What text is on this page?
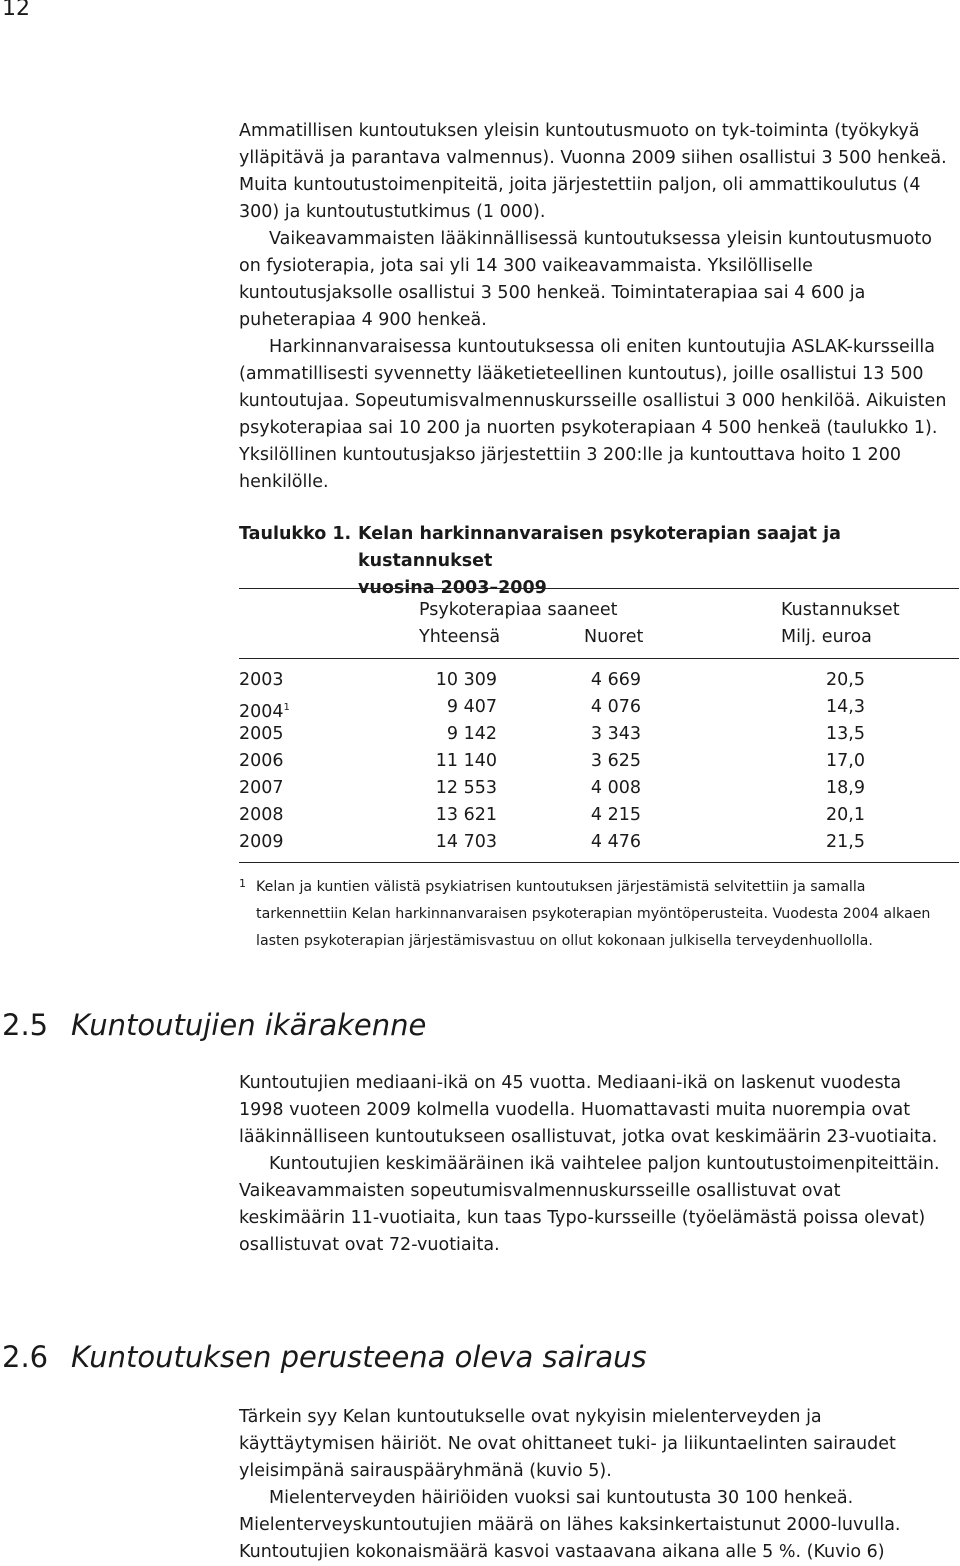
12

Ammatillisen kuntoutuksen yleisin kuntoutusmuoto on tyk-toiminta (työkykyä ylläpitävä ja parantava valmennus). Vuonna 2009 siihen osallistui 3 500 henkeä. Muita kuntoutustoimenpiteitä, joita järjestettiin paljon, oli ammattikoulutus (4 300) ja kuntoutustutkimus (1 000).

Vaikeavammaisten lääkinnällisessä kuntoutuksessa yleisin kuntoutusmuoto on fysioterapia, jota sai yli 14 300 vaikeavammaista. Yksilölliselle kuntoutusjaksolle osallistui 3 500 henkeä. Toimintaterapiaa sai 4 600 ja puheterapiaa 4 900 henkeä.

Harkinnanvaraisessa kuntoutuksessa oli eniten kuntoutujia ASLAK-kursseilla (ammatillisesti syvennetty lääketieteellinen kuntoutus), joille osallistui 13 500 kuntoutujaa. Sopeutumisvalmennuskursseille osallistui 3 000 henkilöä. Aikuisten psykoterapiaa sai 10 200 ja nuorten psykoterapiaan 4 500 henkeä (taulukko 1). Yksilöllinen kuntoutusjakso järjestettiin 3 200:lle ja kuntouttava hoito 1 200 henkilölle.

Taulukko 1. Kelan harkinnanvaraisen psykoterapian saajat ja kustannukset
vuosina 2003–2009
Psykoterapiaa saaneet	Kustannukset
Yhteensä	Nuoret	Milj. euroa
2003	10 309	4 669	20,5
2004$^1$	9 407	4 076	14,3
2005	9 142	3 343	13,5
2006	11 140	3 625	17,0
2007	12 553	4 008	18,9
2008	13 621	4 215	20,1
2009	14 703	4 476	21,5
1 Kelan ja kuntien välistä psykiatrisen kuntoutuksen järjestämistä selvitettiin ja samalla tarkennettiin Kelan harkinnanvaraisen psykoterapian myöntöperusteita. Vuodesta 2004 alkaen lasten psykoterapian järjestämisvastuu on ollut kokonaan julkisella terveydenhuollolla.
2.5 Kuntoutujien ikärakenne

Kuntoutujien mediaani-ikä on 45 vuotta. Mediaani-ikä on laskenut vuodesta 1998 vuoteen 2009 kolmella vuodella. Huomattavasti muita nuorempia ovat lääkinnälliseen kuntoutukseen osallistuvat, jotka ovat keskimäärin 23-vuotiaita.

Kuntoutujien keskimääräinen ikä vaihtelee paljon kuntoutustoimenpiteittäin. Vaikeavammaisten sopeutumisvalmennuskursseille osallistuvat ovat keskimäärin 11-vuotiaita, kun taas Typo-kursseille (työelämästä poissa olevat) osallistuvat ovat 72-vuotiaita.

2.6 Kuntoutuksen perusteena oleva sairaus

Tärkein syy Kelan kuntoutukselle ovat nykyisin mielenterveyden ja käyttäytymisen häiriöt. Ne ovat ohittaneet tuki- ja liikuntaelinten sairaudet yleisimpänä sairauspääryhmänä (kuvio 5).

Mielenterveyden häiriöiden vuoksi sai kuntoutusta 30 100 henkeä. Mielenterveyskuntoutujien määrä on lähes kaksinkertaistunut 2000-luvulla. Kuntoutujien kokonaismäärä kasvoi vastaavana aikana alle 5 %. (Kuvio 6)
